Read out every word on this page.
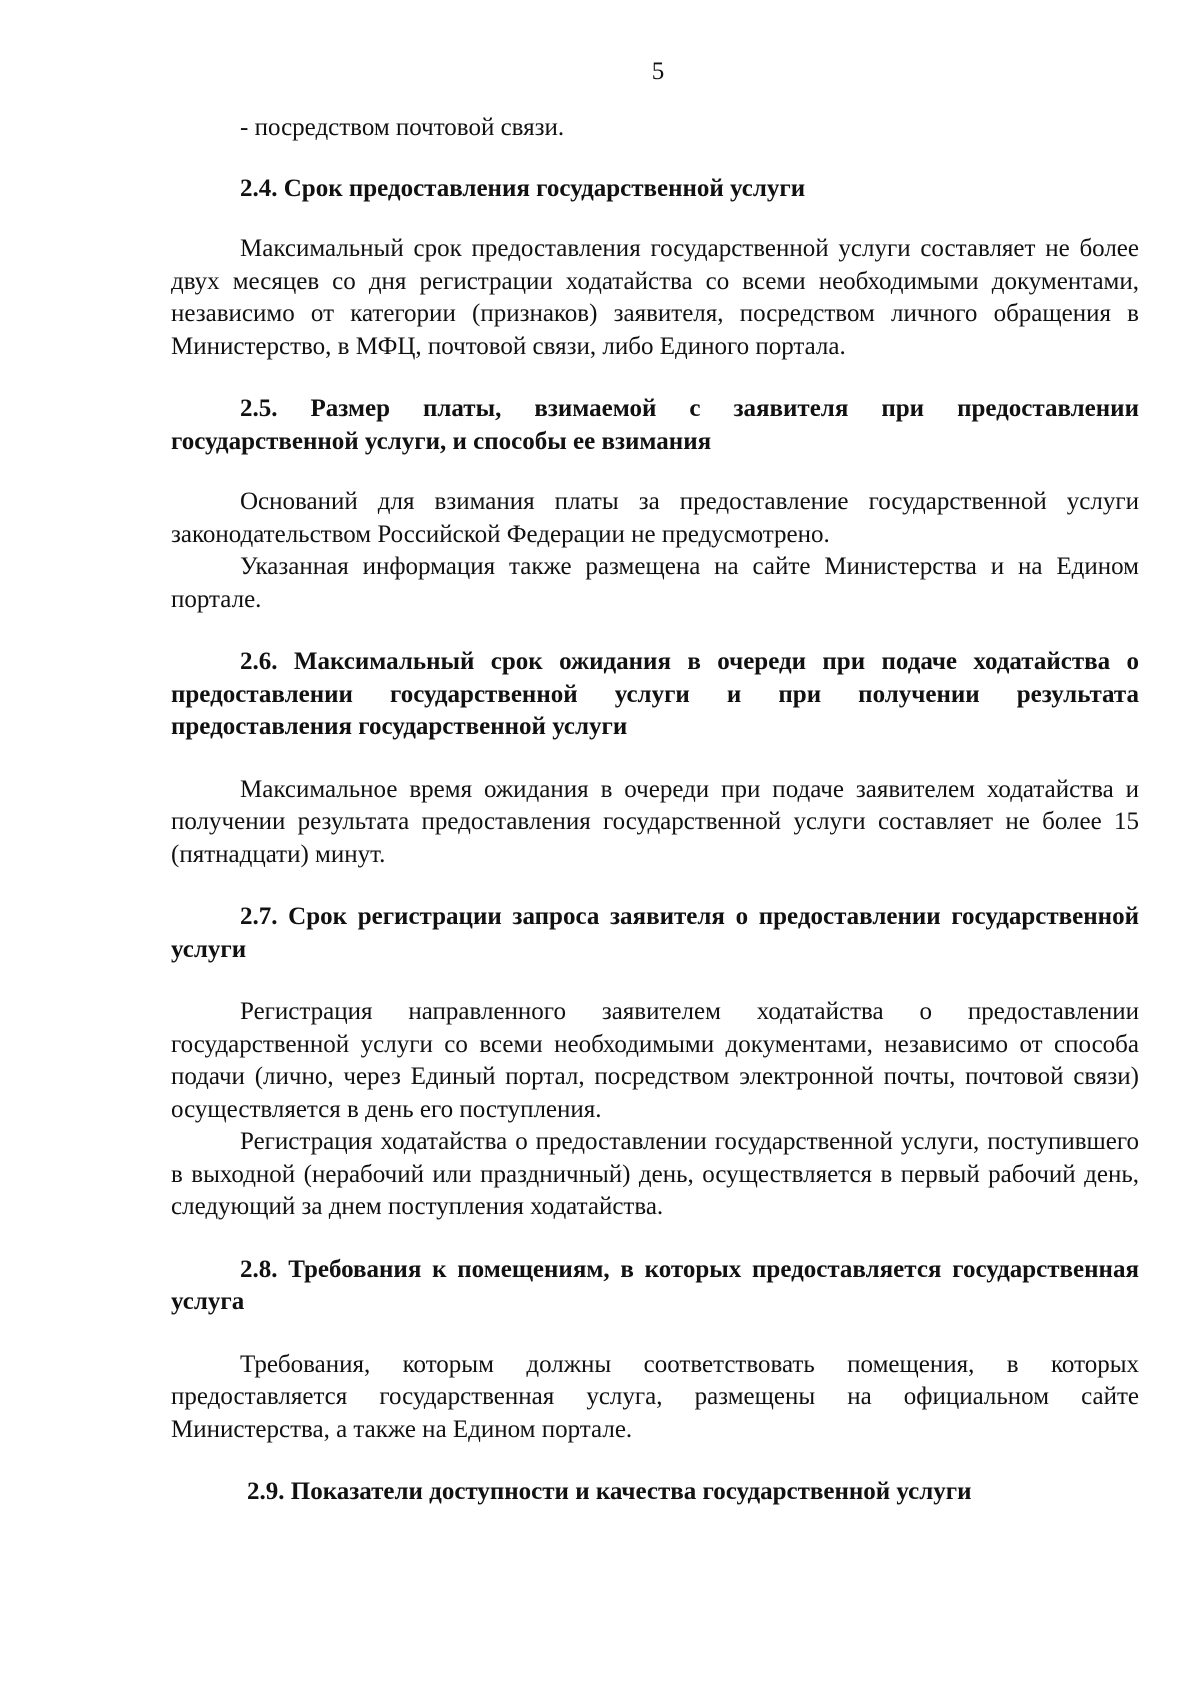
5

- посредством почтовой связи.

2.4. Срок предоставления государственной услуги

Максимальный срок предоставления государственной услуги составляет не более двух месяцев со дня регистрации ходатайства со всеми необходимыми документами, независимо от категории (признаков) заявителя, посредством личного обращения в Министерство, в МФЦ, почтовой связи, либо Единого портала.

2.5. Размер платы, взимаемой с заявителя при предоставлении государственной услуги, и способы ее взимания

Оснований для взимания платы за предоставление государственной услуги законодательством Российской Федерации не предусмотрено.

Указанная информация также размещена на сайте Министерства и на Едином портале.

2.6. Максимальный срок ожидания в очереди при подаче ходатайства о предоставлении государственной услуги и при получении результата предоставления государственной услуги

Максимальное время ожидания в очереди при подаче заявителем ходатайства и получении результата предоставления государственной услуги составляет не более 15 (пятнадцати) минут.

2.7. Срок регистрации запроса заявителя о предоставлении государственной услуги

Регистрация направленного заявителем ходатайства о предоставлении государственной услуги со всеми необходимыми документами, независимо от способа подачи (лично, через Единый портал, посредством электронной почты, почтовой связи) осуществляется в день его поступления.

Регистрация ходатайства о предоставлении государственной услуги, поступившего в выходной (нерабочий или праздничный) день, осуществляется в первый рабочий день, следующий за днем поступления ходатайства.

2.8. Требования к помещениям, в которых предоставляется государственная услуга

Требования, которым должны соответствовать помещения, в которых предоставляется государственная услуга, размещены на официальном сайте Министерства, а также на Едином портале.

2.9. Показатели доступности и качества государственной услуги
